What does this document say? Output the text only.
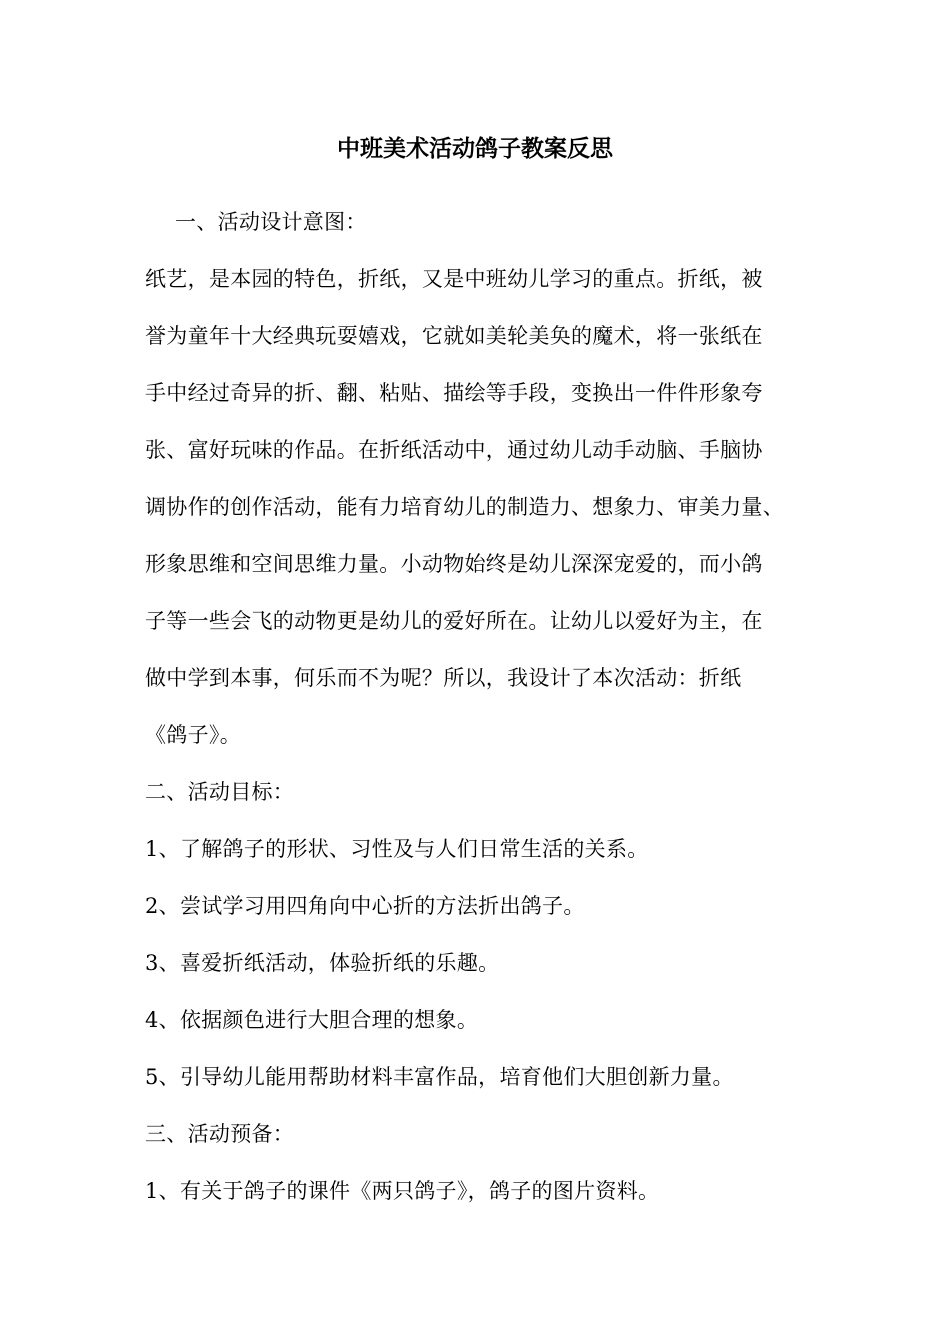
中班美术活动鸽子教案反思
一、活动设计意图：
纸艺，是本园的特色，折纸，又是中班幼儿学习的重点。折纸，被
誉为童年十大经典玩耍嬉戏，它就如美轮美奂的魔术，将一张纸在
手中经过奇异的折、翻、粘贴、描绘等手段，变换出一件件形象夸
张、富好玩味的作品。在折纸活动中，通过幼儿动手动脑、手脑协
调协作的创作活动，能有力培育幼儿的制造力、想象力、审美力量、
形象思维和空间思维力量。小动物始终是幼儿深深宠爱的，而小鸽
子等一些会飞的动物更是幼儿的爱好所在。让幼儿以爱好为主，在
做中学到本事，何乐而不为呢？所以，我设计了本次活动：折纸
《鸽子》。
二、活动目标：
1、了解鸽子的形状、习性及与人们日常生活的关系。
2、尝试学习用四角向中心折的方法折出鸽子。
3、喜爱折纸活动，体验折纸的乐趣。
4、依据颜色进行大胆合理的想象。
5、引导幼儿能用帮助材料丰富作品，培育他们大胆创新力量。
三、活动预备：
1、有关于鸽子的课件《两只鸽子》，鸽子的图片资料。
